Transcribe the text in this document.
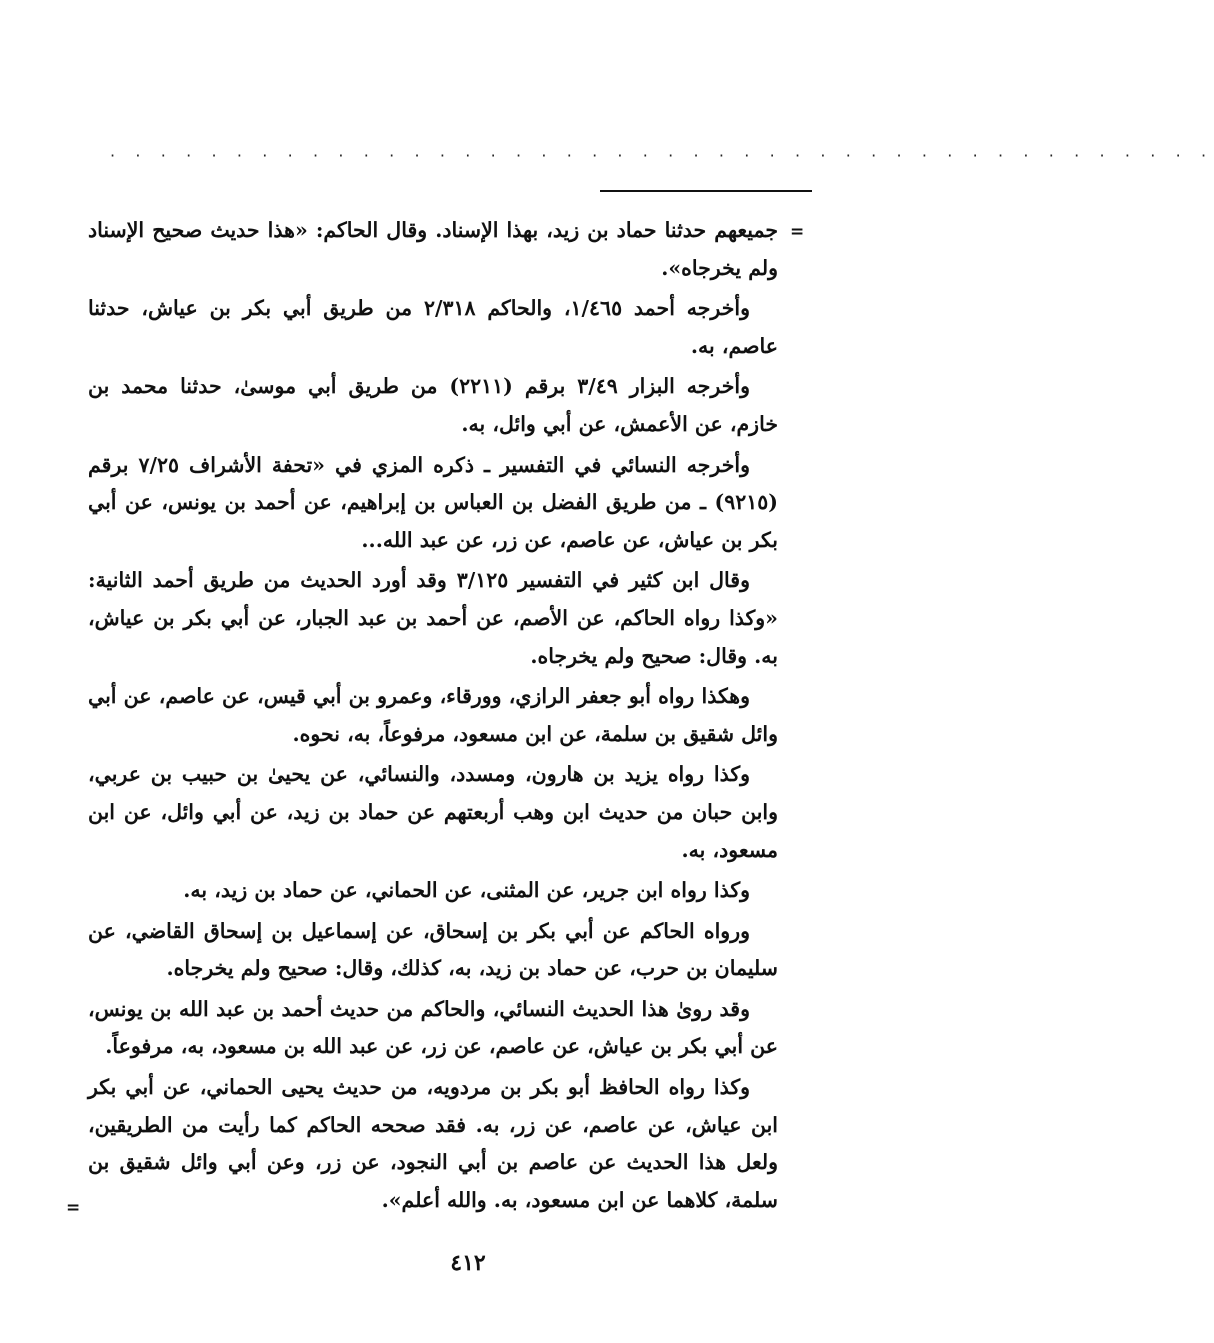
· · · · · · · · · · · · · · · · · · · · · · · · · · · · · · · · · · · · · · · · · · · ·
=
=

جميعهم حدثنا حماد بن زيد، بهذا الإسناد. وقال الحاكم: «هذا حديث صحيح الإسناد ولم يخرجاه».

وأخرجه أحمد ١/٤٦٥، والحاكم ٢/٣١٨ من طريق أبي بكر بن عياش، حدثنا عاصم، به.

وأخرجه البزار ٣/٤٩ برقم (٢٢١١) من طريق أبي موسىٰ، حدثنا محمد بن خازم، عن الأعمش، عن أبي وائل، به.

وأخرجه النسائي في التفسير ـ ذكره المزي في «تحفة الأشراف ٧/٢٥ برقم (٩٢١٥) ـ من طريق الفضل بن العباس بن إبراهيم، عن أحمد بن يونس، عن أبي بكر بن عياش، عن عاصم، عن زر، عن عبد الله...

وقال ابن كثير في التفسير ٣/١٢٥ وقد أورد الحديث من طريق أحمد الثانية: «وكذا رواه الحاكم، عن الأصم، عن أحمد بن عبد الجبار، عن أبي بكر بن عياش، به. وقال: صحيح ولم يخرجاه.

وهكذا رواه أبو جعفر الرازي، وورقاء، وعمرو بن أبي قيس، عن عاصم، عن أبي وائل شقيق بن سلمة، عن ابن مسعود، مرفوعاً، به، نحوه.

وكذا رواه يزيد بن هارون، ومسدد، والنسائي، عن يحيىٰ بن حبيب بن عربي، وابن حبان من حديث ابن وهب أربعتهم عن حماد بن زيد، عن أبي وائل، عن ابن مسعود، به.

وكذا رواه ابن جرير، عن المثنى، عن الحماني، عن حماد بن زيد، به.

ورواه الحاكم عن أبي بكر بن إسحاق، عن إسماعيل بن إسحاق القاضي، عن سليمان بن حرب، عن حماد بن زيد، به، كذلك، وقال: صحيح ولم يخرجاه.

وقد روىٰ هذا الحديث النسائي، والحاكم من حديث أحمد بن عبد الله بن يونس، عن أبي بكر بن عياش، عن عاصم، عن زر، عن عبد الله بن مسعود، به، مرفوعاً.

وكذا رواه الحافظ أبو بكر بن مردويه، من حديث يحيى الحماني، عن أبي بكر ابن عياش، عن عاصم، عن زر، به. فقد صححه الحاكم كما رأيت من الطريقين، ولعل هذا الحديث عن عاصم بن أبي النجود، عن زر، وعن أبي وائل شقيق بن سلمة، كلاهما عن ابن مسعود، به. والله أعلم».

٤١٢
